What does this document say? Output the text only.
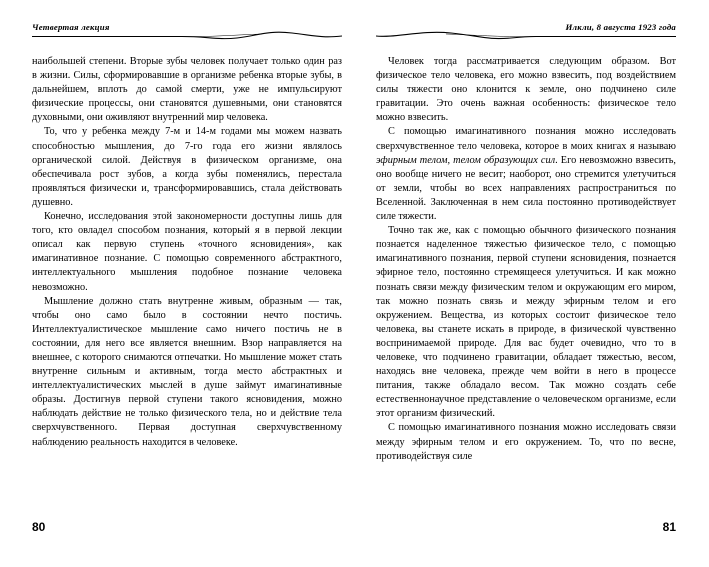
Четвертая лекция

наибольшей степени. Вторые зубы человек получает только один раз в жизни. Силы, сформировавшие в организме ребенка вторые зубы, в дальнейшем, вплоть до самой смерти, уже не импульсируют физические процессы, они становятся душевными, они становятся духовными, они оживляют внутренний мир человека.

То, что у ребенка между 7-м и 14-м годами мы можем назвать способностью мышления, до 7-го года его жизни являлось органической силой. Действуя в физическом организме, она обеспечивала рост зубов, а когда зубы поменялись, перестала проявляться физически и, трансформировавшись, стала действовать душевно.

Конечно, исследования этой закономерности доступны лишь для того, кто овладел способом познания, который я в первой лекции описал как первую ступень «точного ясновидения», как имагинативное познание. С помощью современного абстрактного, интеллектуального мышления подобное познание человека невозможно.

Мышление должно стать внутренне живым, образным — так, чтобы оно само было в состоянии нечто постичь. Интеллектуалистическое мышление само ничего постичь не в состоянии, для него все является внешним. Взор направляется на внешнее, с которого снимаются отпечатки. Но мышление может стать внутренне сильным и активным, тогда место абстрактных и интеллектуалистических мыслей в душе займут имагинативные образы. Достигнув первой ступени такого ясновидения, можно наблюдать действие не только физического тела, но и действие тела сверхчувственного. Первая доступная сверхчувственному наблюдению реальность находится в человеке.

80
Илкли, 8 августа 1923 года

Человек тогда рассматривается следующим образом. Вот физическое тело человека, его можно взвесить, под воздействием силы тяжести оно клонится к земле, оно подчинено силе гравитации. Это очень важная особенность: физическое тело можно взвесить.

С помощью имагинативного познания можно исследовать сверхчувственное тело человека, которое в моих книгах я называю эфирным телом, телом образующих сил. Его невозможно взвесить, оно вообще ничего не весит; наоборот, оно стремится улетучиться от земли, чтобы во всех направлениях распространиться по Вселенной. Заключенная в нем сила постоянно противодействует силе тяжести.

Точно так же, как с помощью обычного физического познания познается наделенное тяжестью физическое тело, с помощью имагинативного познания, первой ступени ясновидения, познается эфирное тело, постоянно стремящееся улетучиться. И как можно познать связи между физическим телом и окружающим его миром, так можно познать связь и между эфирным телом и его окружением. Вещества, из которых состоит физическое тело человека, вы станете искать в природе, в физической чувственно воспринимаемой природе. Для вас будет очевидно, что то в человеке, что подчинено гравитации, обладает тяжестью, весом, находясь вне человека, прежде чем войти в него в процессе питания, также обладало весом. Так можно создать себе естественнонаучное представление о человеческом организме, если этот организм физический.

С помощью имагинативного познания можно исследовать связи между эфирным телом и его окружением. То, что по весне, противодействуя силе

81
